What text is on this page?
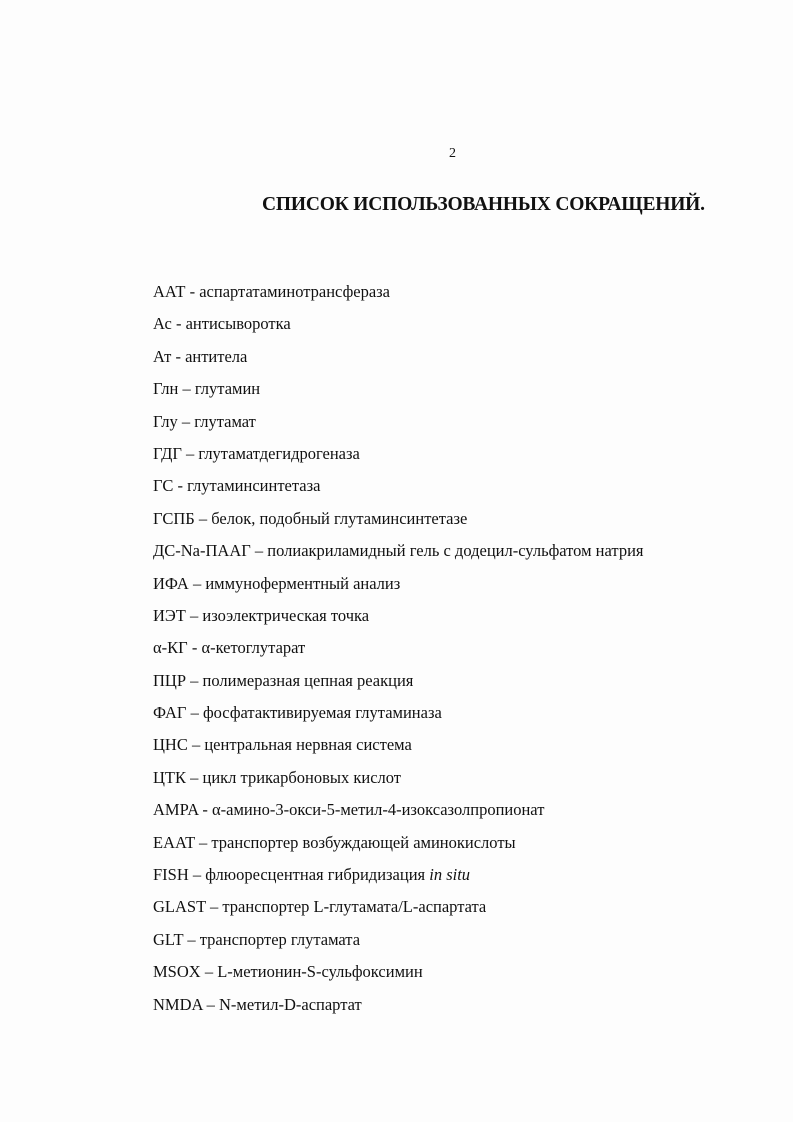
2
СПИСОК ИСПОЛЬЗОВАННЫХ СОКРАЩЕНИЙ.
ААТ - аспартатаминотрансфераза
Ас - антисыворотка
Ат - антитела
Глн – глутамин
Глу – глутамат
ГДГ – глутаматдегидрогеназа
ГС - глутаминсинтетаза
ГСПБ – белок, подобный глутаминсинтетазе
ДС-Na-ПААГ – полиакриламидный гель с додецил-сульфатом натрия
ИФА – иммуноферментный анализ
ИЭТ – изоэлектрическая точка
α-КГ - α-кетоглутарат
ПЦР – полимеразная цепная реакция
ФАГ – фосфатактивируемая глутаминаза
ЦНС – центральная нервная система
ЦТК – цикл трикарбоновых кислот
AMPA - α-амино-3-окси-5-метил-4-изоксазолпропионат
EAAT – транспортер возбуждающей аминокислоты
FISH – флюоресцентная гибридизация in situ
GLAST – транспортер L-глутамата/L-аспартата
GLT – транспортер глутамата
MSOX – L-метионин-S-сульфоксимин
NMDA – N-метил-D-аспартат
